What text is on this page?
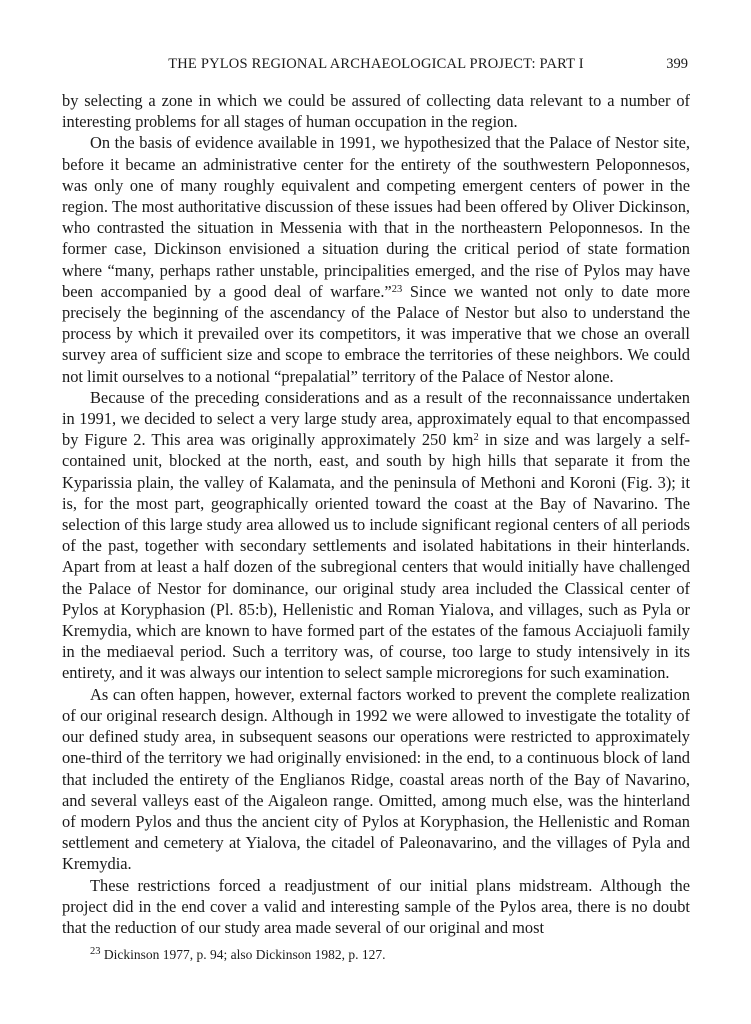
THE PYLOS REGIONAL ARCHAEOLOGICAL PROJECT: PART I	399

by selecting a zone in which we could be assured of collecting data relevant to a number of interesting problems for all stages of human occupation in the region.

On the basis of evidence available in 1991, we hypothesized that the Palace of Nestor site, before it became an administrative center for the entirety of the southwestern Peloponnesos, was only one of many roughly equivalent and competing emergent centers of power in the region. The most authoritative discussion of these issues had been offered by Oliver Dickinson, who contrasted the situation in Messenia with that in the northeastern Peloponnesos. In the former case, Dickinson envisioned a situation during the critical period of state formation where “many, perhaps rather unstable, principalities emerged, and the rise of Pylos may have been accompanied by a good deal of warfare.”$^{23}$ Since we wanted not only to date more precisely the beginning of the ascendancy of the Palace of Nestor but also to understand the process by which it prevailed over its competitors, it was imperative that we chose an overall survey area of sufficient size and scope to embrace the territories of these neighbors. We could not limit ourselves to a notional “prepalatial” territory of the Palace of Nestor alone.

Because of the preceding considerations and as a result of the reconnaissance undertaken in 1991, we decided to select a very large study area, approximately equal to that encompassed by Figure 2. This area was originally approximately 250 $km^2$ in size and was largely a self-contained unit, blocked at the north, east, and south by high hills that separate it from the Kyparissia plain, the valley of Kalamata, and the peninsula of Methoni and Koroni (Fig. 3); it is, for the most part, geographically oriented toward the coast at the Bay of Navarino. The selection of this large study area allowed us to include significant regional centers of all periods of the past, together with secondary settlements and isolated habitations in their hinterlands. Apart from at least a half dozen of the subregional centers that would initially have challenged the Palace of Nestor for dominance, our original study area included the Classical center of Pylos at Koryphasion (Pl. 85:b), Hellenistic and Roman Yialova, and villages, such as Pyla or Kremydia, which are known to have formed part of the estates of the famous Acciajuoli family in the mediaeval period. Such a territory was, of course, too large to study intensively in its entirety, and it was always our intention to select sample microregions for such examination.

As can often happen, however, external factors worked to prevent the complete realization of our original research design. Although in 1992 we were allowed to investigate the totality of our defined study area, in subsequent seasons our operations were restricted to approximately one-third of the territory we had originally envisioned: in the end, to a continuous block of land that included the entirety of the Englianos Ridge, coastal areas north of the Bay of Navarino, and several valleys east of the Aigaleon range. Omitted, among much else, was the hinterland of modern Pylos and thus the ancient city of Pylos at Koryphasion, the Hellenistic and Roman settlement and cemetery at Yialova, the citadel of Paleonavarino, and the villages of Pyla and Kremydia.

These restrictions forced a readjustment of our initial plans midstream. Although the project did in the end cover a valid and interesting sample of the Pylos area, there is no doubt that the reduction of our study area made several of our original and most

$^{23}$ Dickinson 1977, p. 94; also Dickinson 1982, p. 127.
